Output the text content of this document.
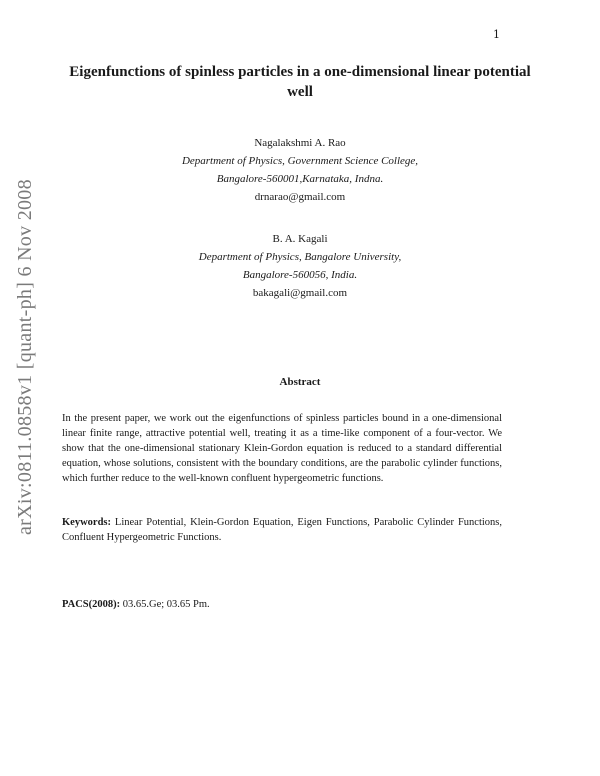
1
arXiv:0811.0858v1 [quant-ph] 6 Nov 2008
Eigenfunctions of spinless particles in a one-dimensional linear potential well
Nagalakshmi A. Rao
Department of Physics, Government Science College,
Bangalore-560001,Karnataka, Indna.
drnarao@gmail.com
B. A. Kagali
Department of Physics, Bangalore University,
Bangalore-560056, India.
bakagali@gmail.com
Abstract
In the present paper, we work out the eigenfunctions of spinless particles bound in a one-dimensional linear finite range, attractive potential well, treating it as a time-like component of a four-vector. We show that the one-dimensional stationary Klein-Gordon equation is reduced to a standard differential equation, whose solutions, consistent with the boundary conditions, are the parabolic cylinder functions, which further reduce to the well-known confluent hypergeometric functions.
Keywords: Linear Potential, Klein-Gordon Equation, Eigen Functions, Parabolic Cylinder Functions, Confluent Hypergeometric Functions.
PACS(2008): 03.65.Ge; 03.65 Pm.
